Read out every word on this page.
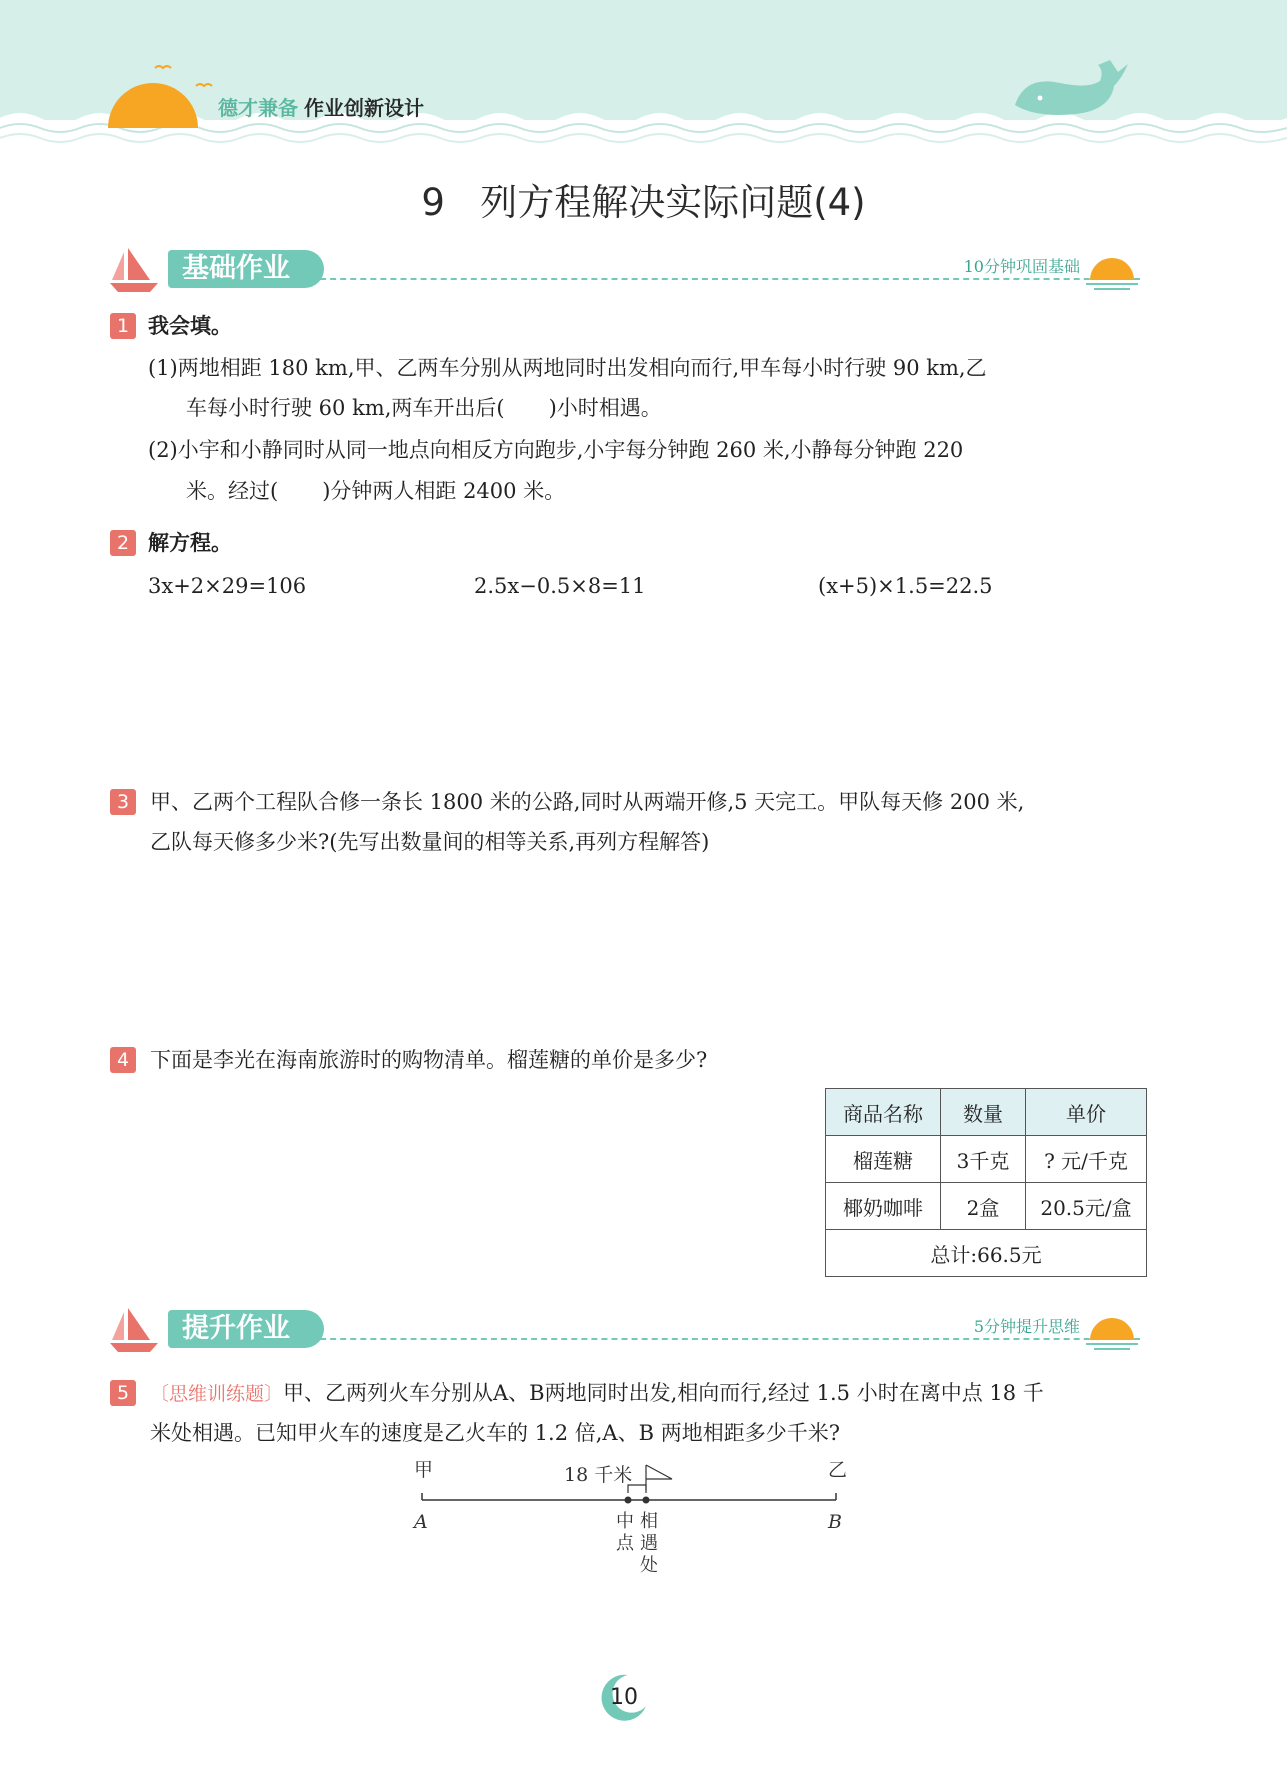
德才兼备 作业创新设计
9   列方程解决实际问题(4)
基础作业	10分钟巩固基础
1 我会填。
(1)两地相距 180 km,甲、乙两车分别从两地同时出发相向而行,甲车每小时行驶 90 km,乙
车每小时行驶 60 km,两车开出后( )小时相遇。
(2)小宇和小静同时从同一地点向相反方向跑步,小宇每分钟跑 260 米,小静每分钟跑 220
米。经过( )分钟两人相距 2400 米。
2 解方程。
3x+2×29=106	2.5x−0.5×8=11	(x+5)×1.5=22.5
3 甲、乙两个工程队合修一条长 1800 米的公路,同时从两端开修,5 天完工。甲队每天修 200 米,
乙队每天修多少米?(先写出数量间的相等关系,再列方程解答)
4 下面是李光在海南旅游时的购物清单。榴莲糖的单价是多少?
商品名称	数量	单价
榴莲糖	3千克	? 元/千克
椰奶咖啡	2盒	20.5元/盒
总计:66.5元		
提升作业	5分钟提升思维
5	〔思维训练题〕甲、乙两列火车分别从A、B两地同时出发,相向而行,经过 1.5 小时在离中点 18 千
米处相遇。已知甲火车的速度是乙火车的 1.2 倍,A、B 两地相距多少千米?
甲
A
乙
B
18 千米
中
点
相
遇
处
10
